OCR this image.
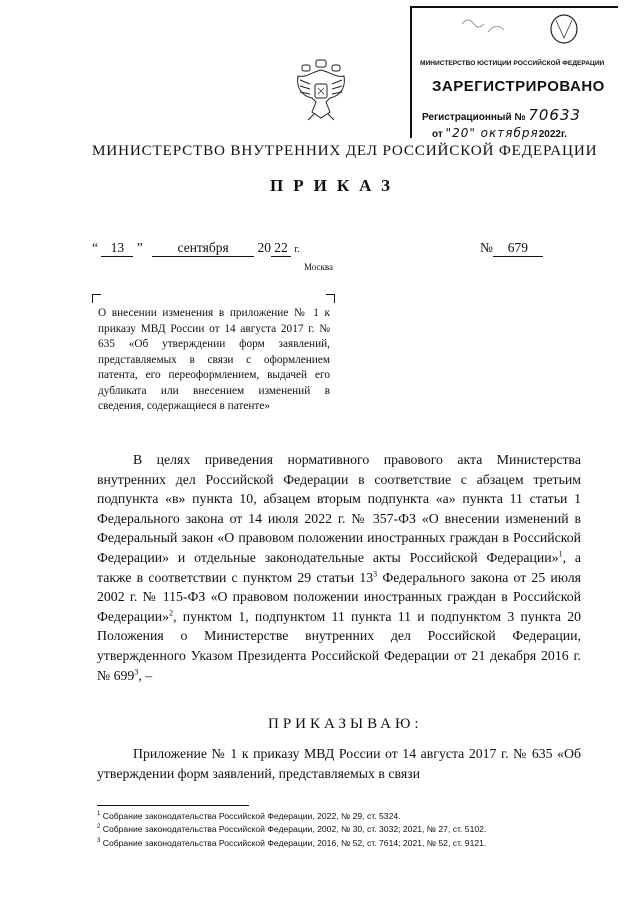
МИНИСТЕРСТВО ЮСТИЦИИ РОССИЙСКОЙ ФЕДЕРАЦИИ
ЗАРЕГИСТРИРОВАНО
Регистрационный № 70633
от "20" октября2022г.
МИНИСТЕРСТВО ВНУТРЕННИХ ДЕЛ РОССИЙСКОЙ ФЕДЕРАЦИИ
ПРИКАЗ
“ 13 ”	сентября 20 22 г.	№ 679
Москва
О внесении изменения в приложение № 1 к приказу МВД России от 14 августа 2017 г. № 635 «Об утверждении форм заявлений, представляемых в связи с оформлением патента, его переоформлением, выдачей его дубликата или внесением изменений в сведения, содержащиеся в патенте»

В целях приведения нормативного правового акта Министерства внутренних дел Российской Федерации в соответствие с абзацем третьим подпункта «в» пункта 10, абзацем вторым подпункта «а» пункта 11 статьи 1 Федерального закона от 14 июля 2022 г. № 357-ФЗ «О внесении изменений в Федеральный закон «О правовом положении иностранных граждан в Российской Федерации» и отдельные законодательные акты Российской Федерации»$^1$, а также в соответствии с пунктом 29 статьи $13^3$ Федерального закона от 25 июля 2002 г. № 115-ФЗ «О правовом положении иностранных граждан в Российской Федерации»$^2$, пунктом 1, подпунктом 11 пункта 11 и подпунктом 3 пункта 20 Положения о Министерстве внутренних дел Российской Федерации, утвержденного Указом Президента Российской Федерации от 21 декабря 2016 г. № $699^3$, –

ПРИКАЗЫВАЮ:

Приложение № 1 к приказу МВД России от 14 августа 2017 г. № 635 «Об утверждении форм заявлений, представляемых в связи

$^1$ Собрание законодательства Российской Федерации, 2022, № 29, ст. 5324.
$^2$ Собрание законодательства Российской Федерации, 2002, № 30, ст. 3032; 2021, № 27, ст. 5102.
$^3$ Собрание законодательства Российской Федерации, 2016, № 52, ст. 7614; 2021, № 52, ст. 9121.
